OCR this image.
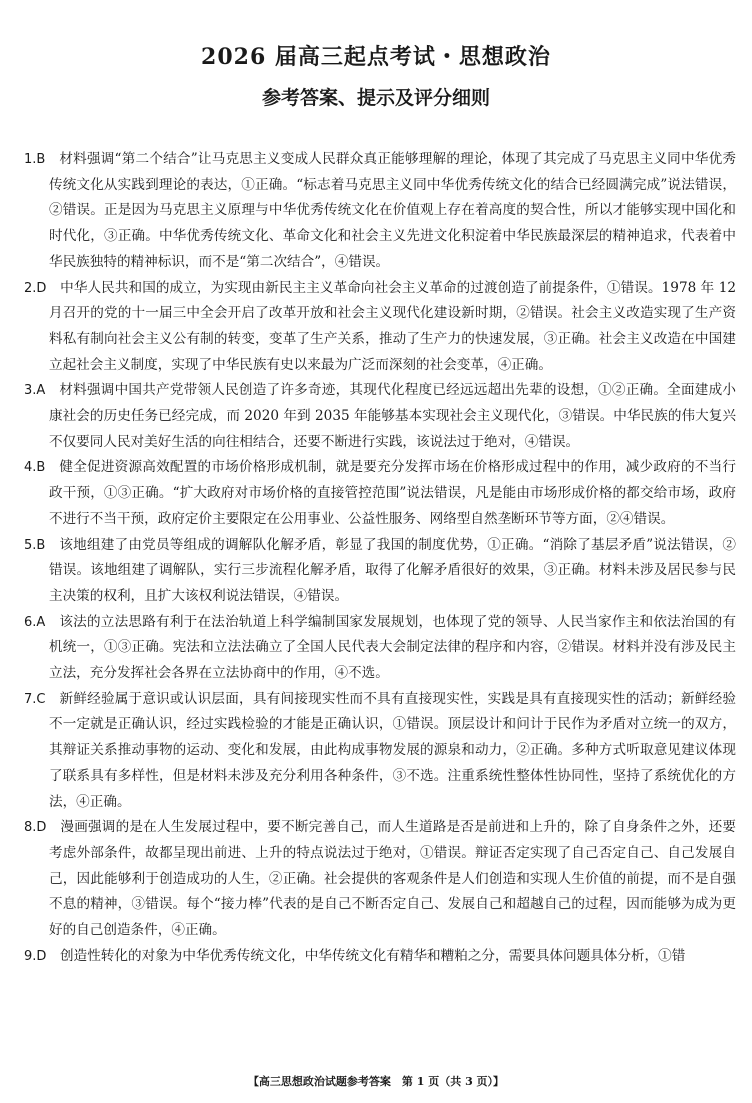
2026 届高三起点考试・思想政治
参考答案、提示及评分细则

1.B　 材料强调“第二个结合”让马克思主义变成人民群众真正能够理解的理论，体现了其完成了马克思主义同中华优秀传统文化从实践到理论的表达，①正确。“标志着马克思主义同中华优秀传统文化的结合已经圆满完成”说法错误，②错误。正是因为马克思主义原理与中华优秀传统文化在价值观上存在着高度的契合性，所以才能够实现中国化和时代化，③正确。中华优秀传统文化、革命文化和社会主义先进文化积淀着中华民族最深层的精神追求，代表着中华民族独特的精神标识，而不是“第二次结合”，④错误。

2.D　 中华人民共和国的成立，为实现由新民主主义革命向社会主义革命的过渡创造了前提条件，①错误。1978 年 12 月召开的党的十一届三中全会开启了改革开放和社会主义现代化建设新时期，②错误。社会主义改造实现了生产资料私有制向社会主义公有制的转变，变革了生产关系，推动了生产力的快速发展，③正确。社会主义改造在中国建立起社会主义制度，实现了中华民族有史以来最为广泛而深刻的社会变革，④正确。

3.A　 材料强调中国共产党带领人民创造了许多奇迹，其现代化程度已经远远超出先辈的设想，①②正确。全面建成小康社会的历史任务已经完成，而 2020 年到 2035 年能够基本实现社会主义现代化，③错误。中华民族的伟大复兴不仅要同人民对美好生活的向往相结合，还要不断进行实践，该说法过于绝对，④错误。

4.B　 健全促进资源高效配置的市场价格形成机制，就是要充分发挥市场在价格形成过程中的作用，减少政府的不当行政干预，①③正确。“扩大政府对市场价格的直接管控范围”说法错误，凡是能由市场形成价格的都交给市场，政府不进行不当干预，政府定价主要限定在公用事业、公益性服务、网络型自然垄断环节等方面，②④错误。

5.B　 该地组建了由党员等组成的调解队化解矛盾，彰显了我国的制度优势，①正确。“消除了基层矛盾”说法错误，②错误。该地组建了调解队，实行三步流程化解矛盾，取得了化解矛盾很好的效果，③正确。材料未涉及居民参与民主决策的权利，且扩大该权利说法错误，④错误。

6.A　 该法的立法思路有利于在法治轨道上科学编制国家发展规划，也体现了党的领导、人民当家作主和依法治国的有机统一，①③正确。宪法和立法法确立了全国人民代表大会制定法律的程序和内容，②错误。材料并没有涉及民主立法，充分发挥社会各界在立法协商中的作用，④不选。

7.C　 新鲜经验属于意识或认识层面，具有间接现实性而不具有直接现实性，实践是具有直接现实性的活动；新鲜经验不一定就是正确认识，经过实践检验的才能是正确认识，①错误。顶层设计和问计于民作为矛盾对立统一的双方，其辩证关系推动事物的运动、变化和发展，由此构成事物发展的源泉和动力，②正确。多种方式听取意见建议体现了联系具有多样性，但是材料未涉及充分利用各种条件，③不选。注重系统性整体性协同性，坚持了系统优化的方法，④正确。

8.D　 漫画强调的是在人生发展过程中，要不断完善自己，而人生道路是否是前进和上升的，除了自身条件之外，还要考虑外部条件，故都呈现出前进、上升的特点说法过于绝对，①错误。辩证否定实现了自己否定自己、自己发展自己，因此能够利于创造成功的人生，②正确。社会提供的客观条件是人们创造和实现人生价值的前提，而不是自强不息的精神，③错误。每个“接力棒”代表的是自己不断否定自己、发展自己和超越自己的过程，因而能够为成为更好的自己创造条件，④正确。

9.D　 创造性转化的对象为中华优秀传统文化，中华传统文化有精华和糟粕之分，需要具体问题具体分析，①错

【高三思想政治试题参考答案　第 1 页（共 3 页）】
